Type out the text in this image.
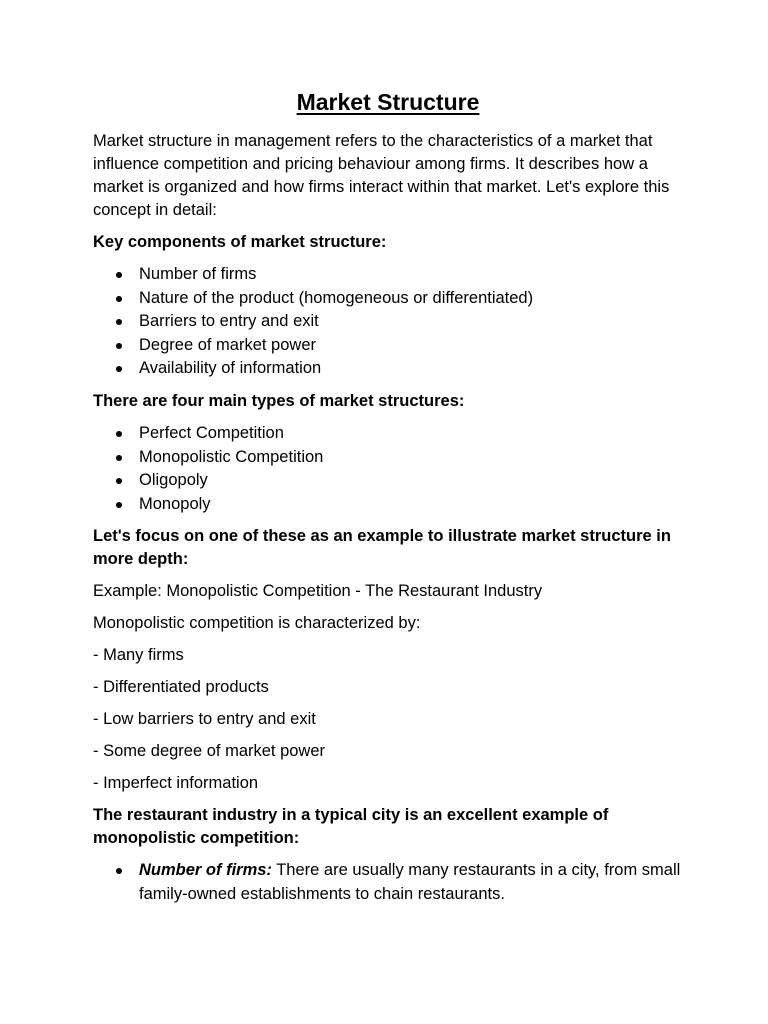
Market Structure

Market structure in management refers to the characteristics of a market that influence competition and pricing behaviour among firms. It describes how a market is organized and how firms interact within that market. Let's explore this concept in detail:

Key components of market structure:

Number of firms
Nature of the product (homogeneous or differentiated)
Barriers to entry and exit
Degree of market power
Availability of information

There are four main types of market structures:

Perfect Competition
Monopolistic Competition
Oligopoly
Monopoly

Let's focus on one of these as an example to illustrate market structure in more depth:

Example: Monopolistic Competition - The Restaurant Industry

Monopolistic competition is characterized by:

- Many firms

- Differentiated products

- Low barriers to entry and exit

- Some degree of market power

- Imperfect information

The restaurant industry in a typical city is an excellent example of monopolistic competition:

Number of firms: There are usually many restaurants in a city, from small family-owned establishments to chain restaurants.
